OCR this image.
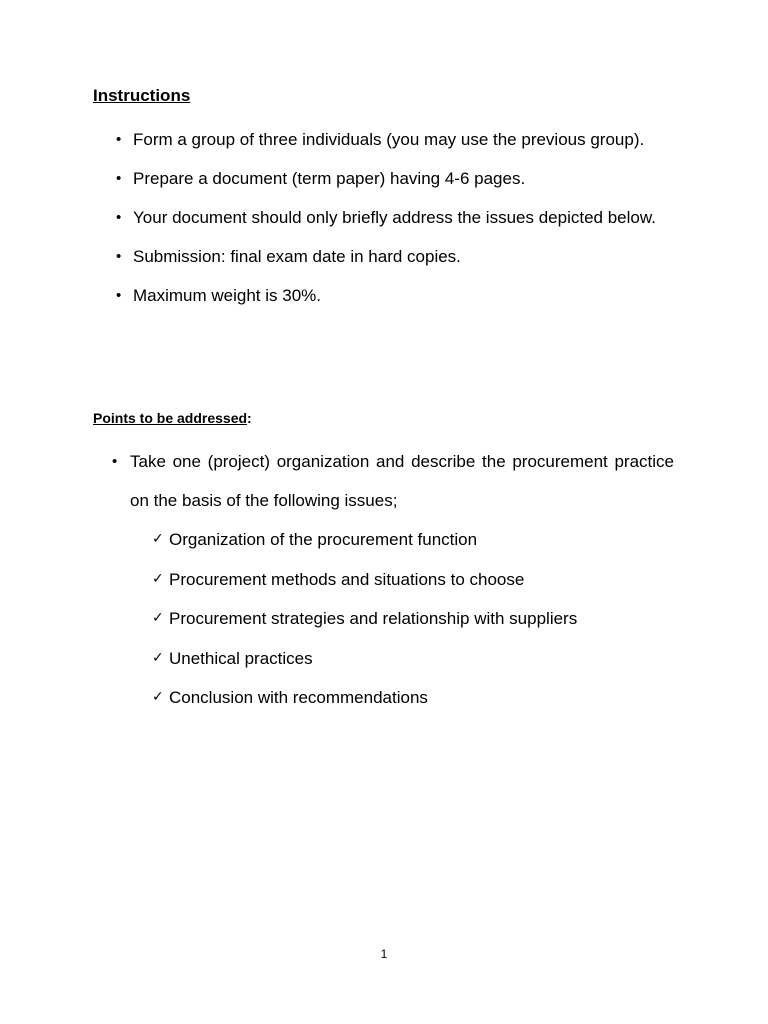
Instructions
• Form a group of three individuals (you may use the previous group).
• Prepare a document (term paper) having 4-6 pages.
• Your document should only briefly address the issues depicted below.
• Submission: final exam date in hard copies.
• Maximum weight is 30%.
Points to be addressed:
• Take one (project) organization and describe the procurement practice on the basis of the following issues;
✓ Organization of the procurement function
✓ Procurement methods and situations to choose
✓ Procurement strategies and relationship with suppliers
✓ Unethical practices
✓ Conclusion with recommendations
1
